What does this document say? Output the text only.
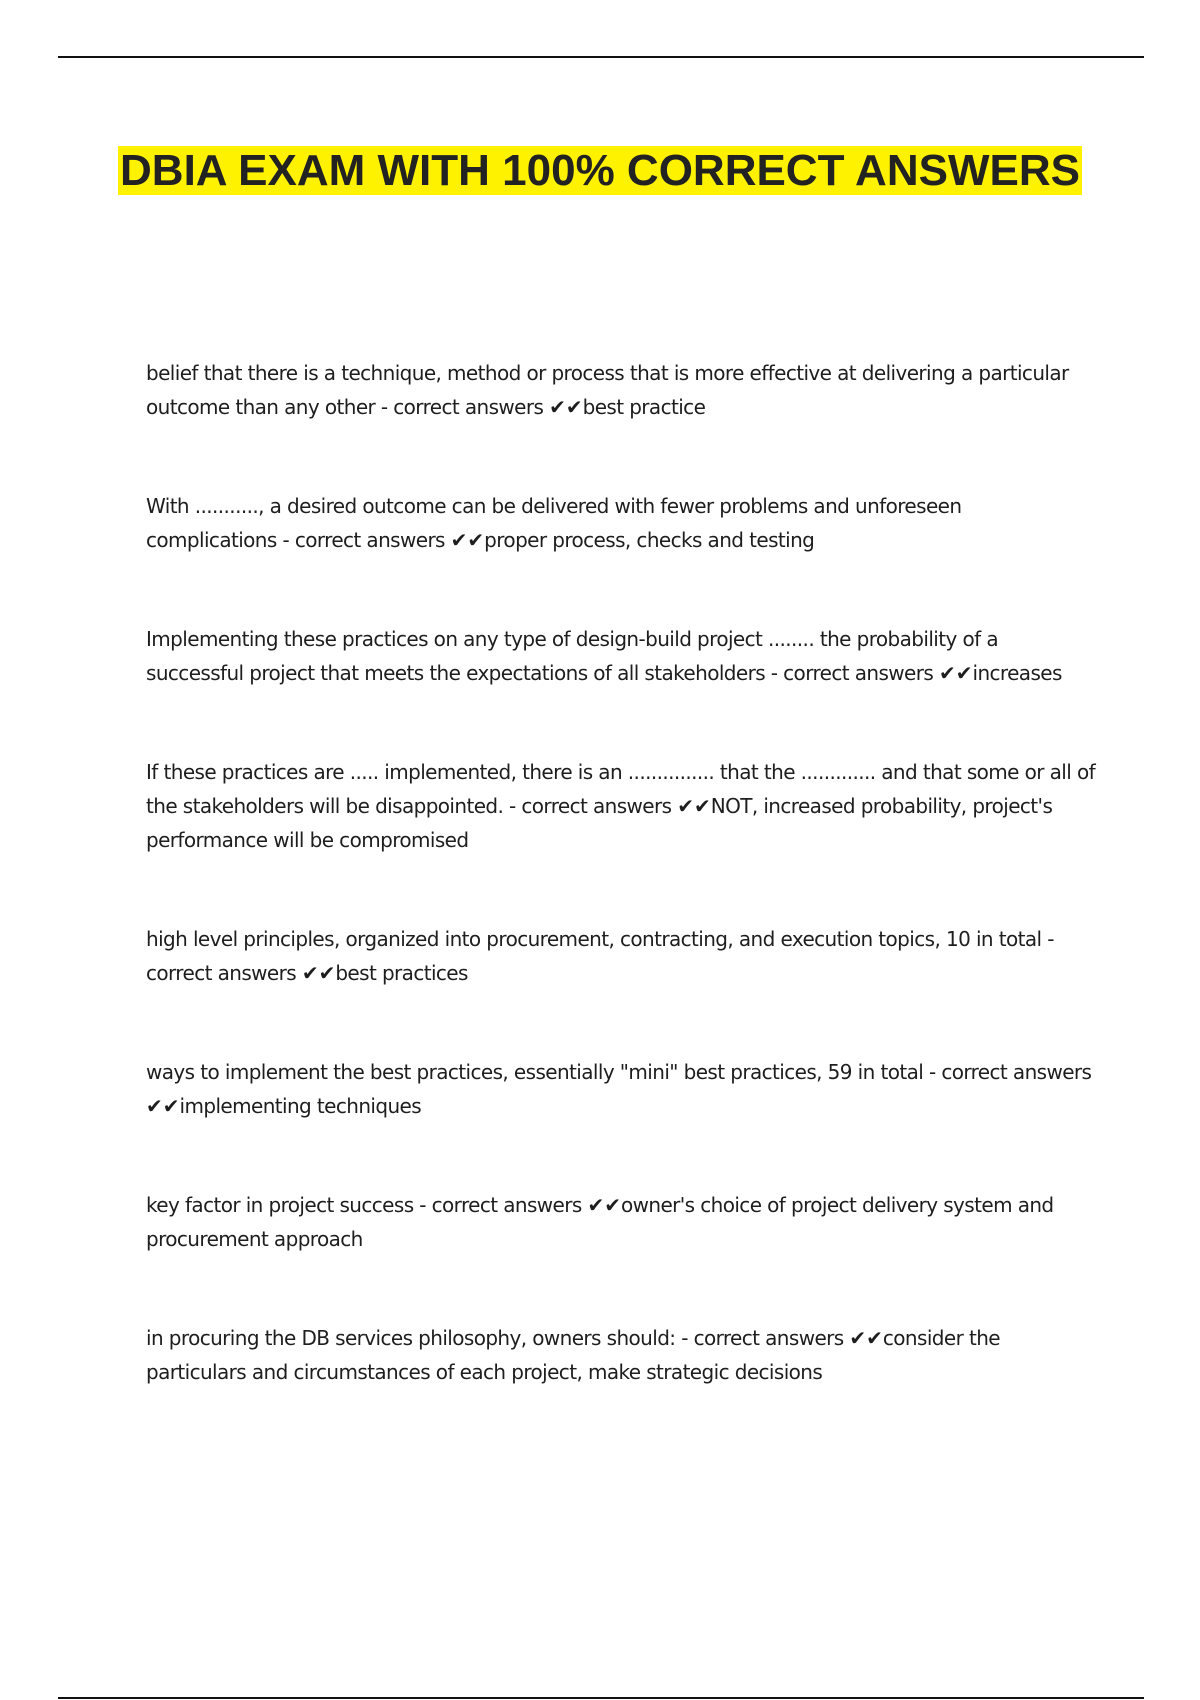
DBIA EXAM WITH 100% CORRECT ANSWERS

belief that there is a technique, method or process that is more effective at delivering a particular outcome than any other - correct answers ✔✔best practice

With ..........., a desired outcome can be delivered with fewer problems and unforeseen complications - correct answers ✔✔proper process, checks and testing

Implementing these practices on any type of design-build project ........ the probability of a successful project that meets the expectations of all stakeholders - correct answers ✔✔increases

If these practices are ..... implemented, there is an ............... that the ............. and that some or all of the stakeholders will be disappointed. - correct answers ✔✔NOT, increased probability, project's performance will be compromised

high level principles, organized into procurement, contracting, and execution topics, 10 in total - correct answers ✔✔best practices

ways to implement the best practices, essentially "mini" best practices, 59 in total - correct answers ✔✔implementing techniques

key factor in project success - correct answers ✔✔owner's choice of project delivery system and procurement approach

in procuring the DB services philosophy, owners should: - correct answers ✔✔consider the particulars and circumstances of each project, make strategic decisions
